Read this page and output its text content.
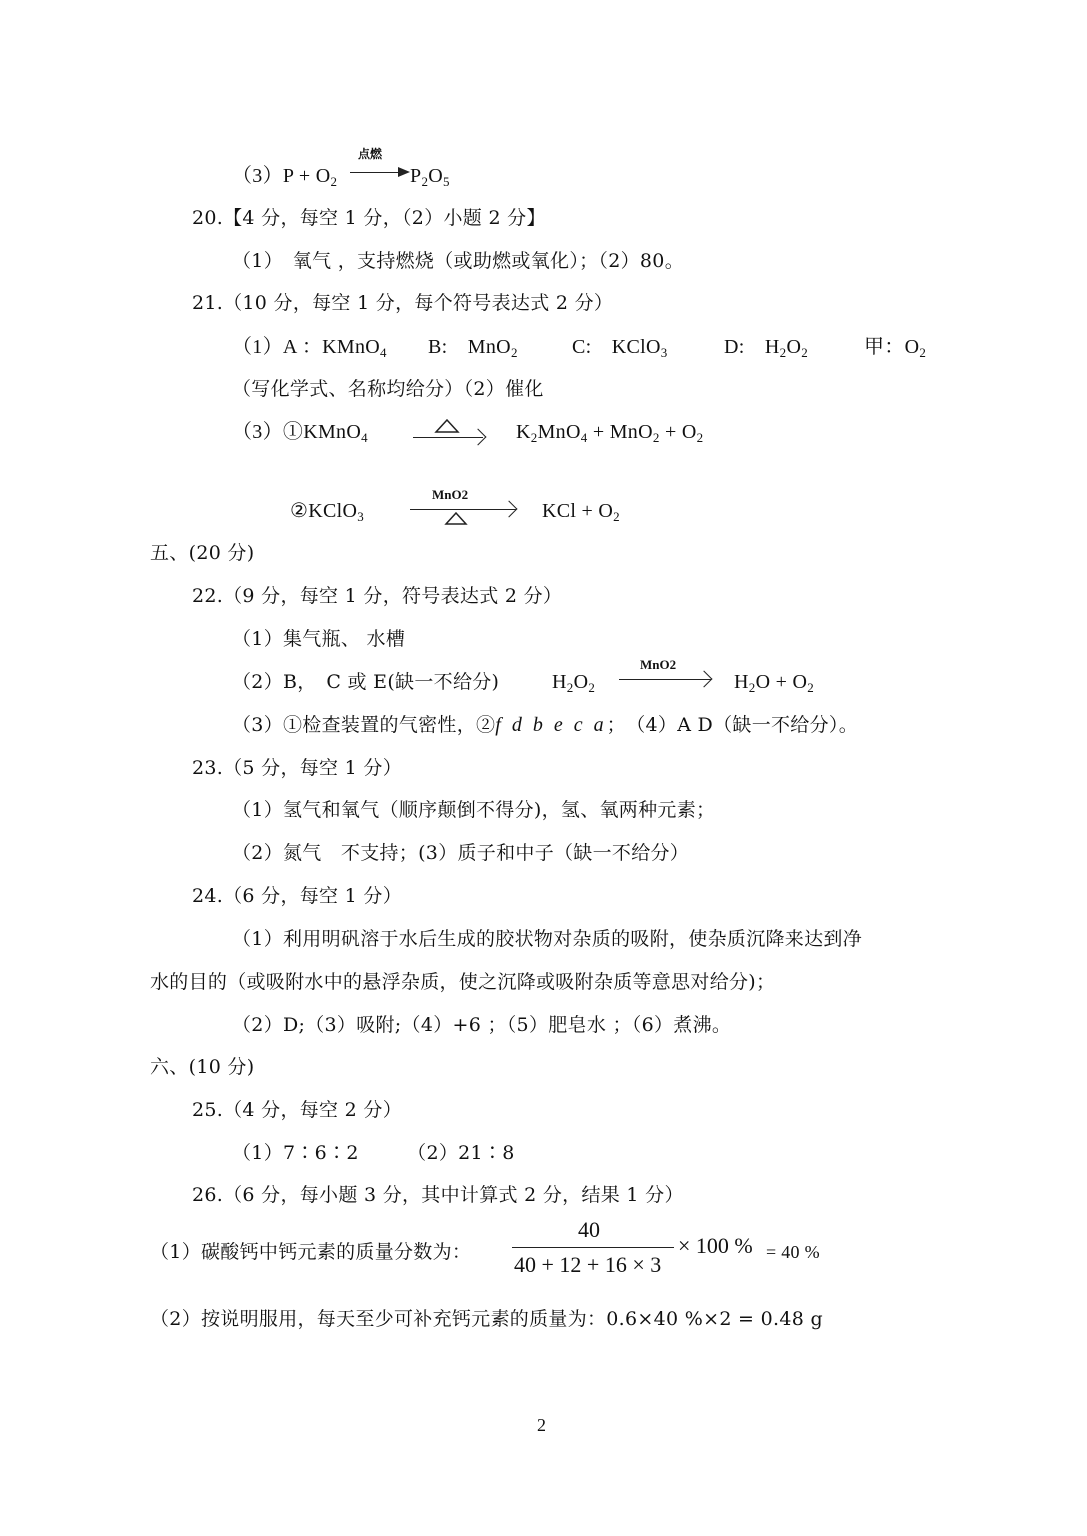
$(3)P + O_2$
点燃
$P_2O_5$
20.【4 分，每空 1 分，（2）小题 2 分】
（1）　氧气 ，支持燃烧（或助燃或氧化）；（2）80。
21.（10 分，每空 1 分，每个符号表达式 2 分）
（1）A ：KMnO$_4$ B:　MnO$_2$	C:　KClO$_3$	D:　$H_2O_2$	甲：$O_2$
（写化学式、名称均给分）（2）催化
（3）①KMnO$_4$	$K_2MnO_4 + MnO_2 + O_2$
②KClO$_3$
MnO2
KCl + $O_2$
五、(20 分)
22.（9 分，每空 1 分，符号表达式 2 分）
（1）集气瓶、 水槽
（2）B，　C 或 E(缺一不给分)	$H_2O_2$
MnO2
$H_2O + O_2$
（3）①检查装置的气密性，②f d b e c a；　（4）A D（缺一不给分）。
23.（5 分，每空 1 分）
（1）氢气和氧气（顺序颠倒不得分)，氢、氧两种元素；
（2）氮气　不支持；(3）质子和中子（缺一不给分）
24.（6 分，每空 1 分）
（1）利用明矾溶于水后生成的胶状物对杂质的吸附，使杂质沉降来达到净
水的目的（或吸附水中的悬浮杂质，使之沉降或吸附杂质等意思对给分)；
（2）D;（3）吸附;（4）+6 ；（5）肥皂水 ；（6）煮沸。
六、(10 分)
25.（4 分，每空 2 分）
（1）7∶6∶2　　　（2）21∶8
26.（6 分，每小题 3 分，其中计算式 2 分，结果 1 分）
（1）碳酸钙中钙元素的质量分数为：
40
40 + 12 + 16 × 3
× 100 % = 40 %
（2）按说明服用，每天至少可补充钙元素的质量为：0.6×40 %×2 = 0.48 g
2
